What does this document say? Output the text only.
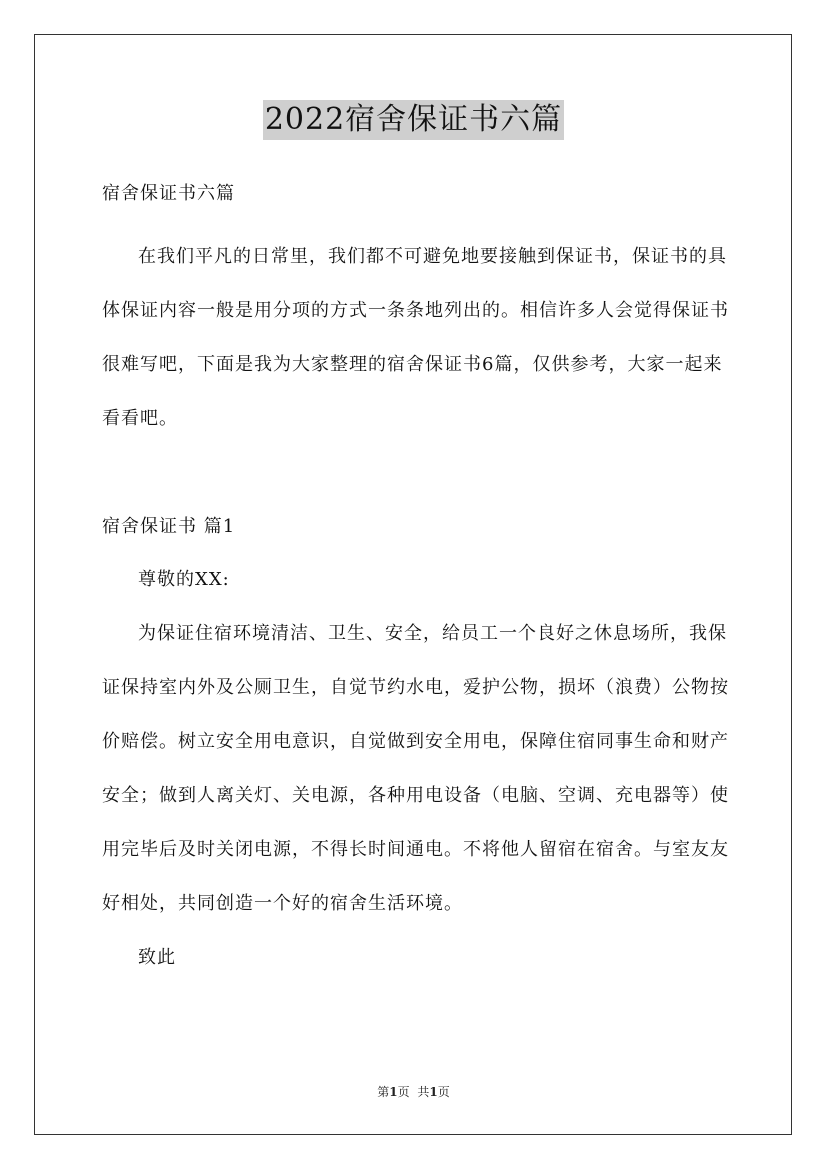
2022宿舍保证书六篇

宿舍保证书六篇

在我们平凡的日常里，我们都不可避免地要接触到保证书，保证书的具体保证内容一般是用分项的方式一条条地列出的。相信许多人会觉得保证书很难写吧，下面是我为大家整理的宿舍保证书6篇，仅供参考，大家一起来看看吧。

宿舍保证书 篇1

尊敬的XX:

为保证住宿环境清洁、卫生、安全，给员工一个良好之休息场所，我保证保持室内外及公厕卫生，自觉节约水电，爱护公物，损坏（浪费）公物按价赔偿。树立安全用电意识，自觉做到安全用电，保障住宿同事生命和财产安全；做到人离关灯、关电源，各种用电设备（电脑、空调、充电器等）使用完毕后及时关闭电源，不得长时间通电。不将他人留宿在宿舍。与室友友好相处，共同创造一个好的宿舍生活环境。

致此

第1页 共1页
